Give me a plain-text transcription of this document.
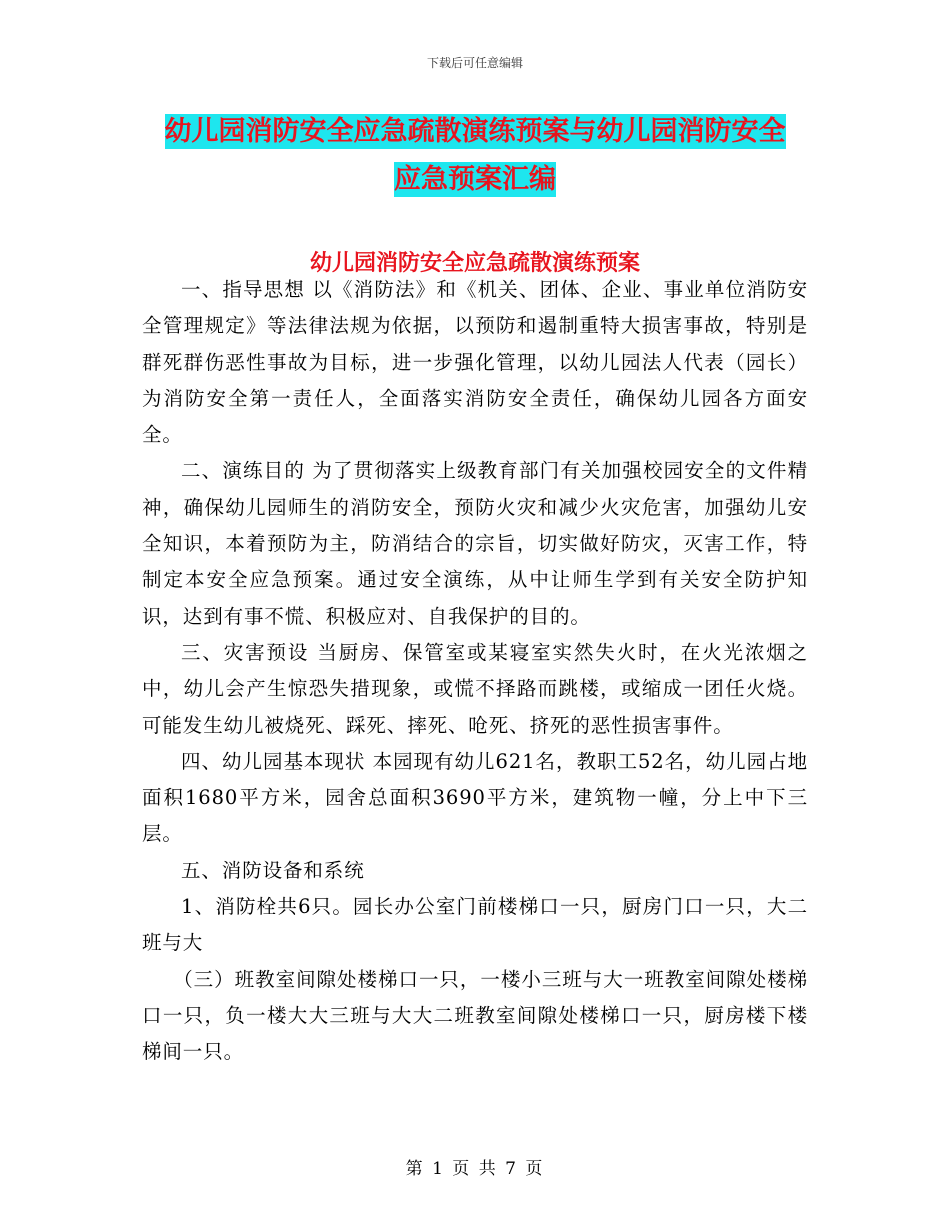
下载后可任意编辑
幼儿园消防安全应急疏散演练预案与幼儿园消防安全
应急预案汇编
幼儿园消防安全应急疏散演练预案

一、指导思想 以《消防法》和《机关、团体、企业、事业单位消防安全管理规定》等法律法规为依据，以预防和遏制重特大损害事故，特别是群死群伤恶性事故为目标，进一步强化管理，以幼儿园法人代表（园长）为消防安全第一责任人，全面落实消防安全责任，确保幼儿园各方面安全。

二、演练目的 为了贯彻落实上级教育部门有关加强校园安全的文件精神，确保幼儿园师生的消防安全，预防火灾和减少火灾危害，加强幼儿安全知识，本着预防为主，防消结合的宗旨，切实做好防灾，灭害工作，特制定本安全应急预案。通过安全演练，从中让师生学到有关安全防护知识，达到有事不慌、积极应对、自我保护的目的。

三、灾害预设 当厨房、保管室或某寝室实然失火时，在火光浓烟之中，幼儿会产生惊恐失措现象，或慌不择路而跳楼，或缩成一团任火烧。可能发生幼儿被烧死、踩死、摔死、呛死、挤死的恶性损害事件。

四、幼儿园基本现状 本园现有幼儿621名，教职工52名，幼儿园占地面积1680平方米，园舍总面积3690平方米，建筑物一幢，分上中下三层。

五、消防设备和系统

1、消防栓共6只。园长办公室门前楼梯口一只，厨房门口一只，大二班与大

（三）班教室间隙处楼梯口一只，一楼小三班与大一班教室间隙处楼梯口一只，负一楼大大三班与大大二班教室间隙处楼梯口一只，厨房楼下楼梯间一只。

第 1 页 共 7 页
